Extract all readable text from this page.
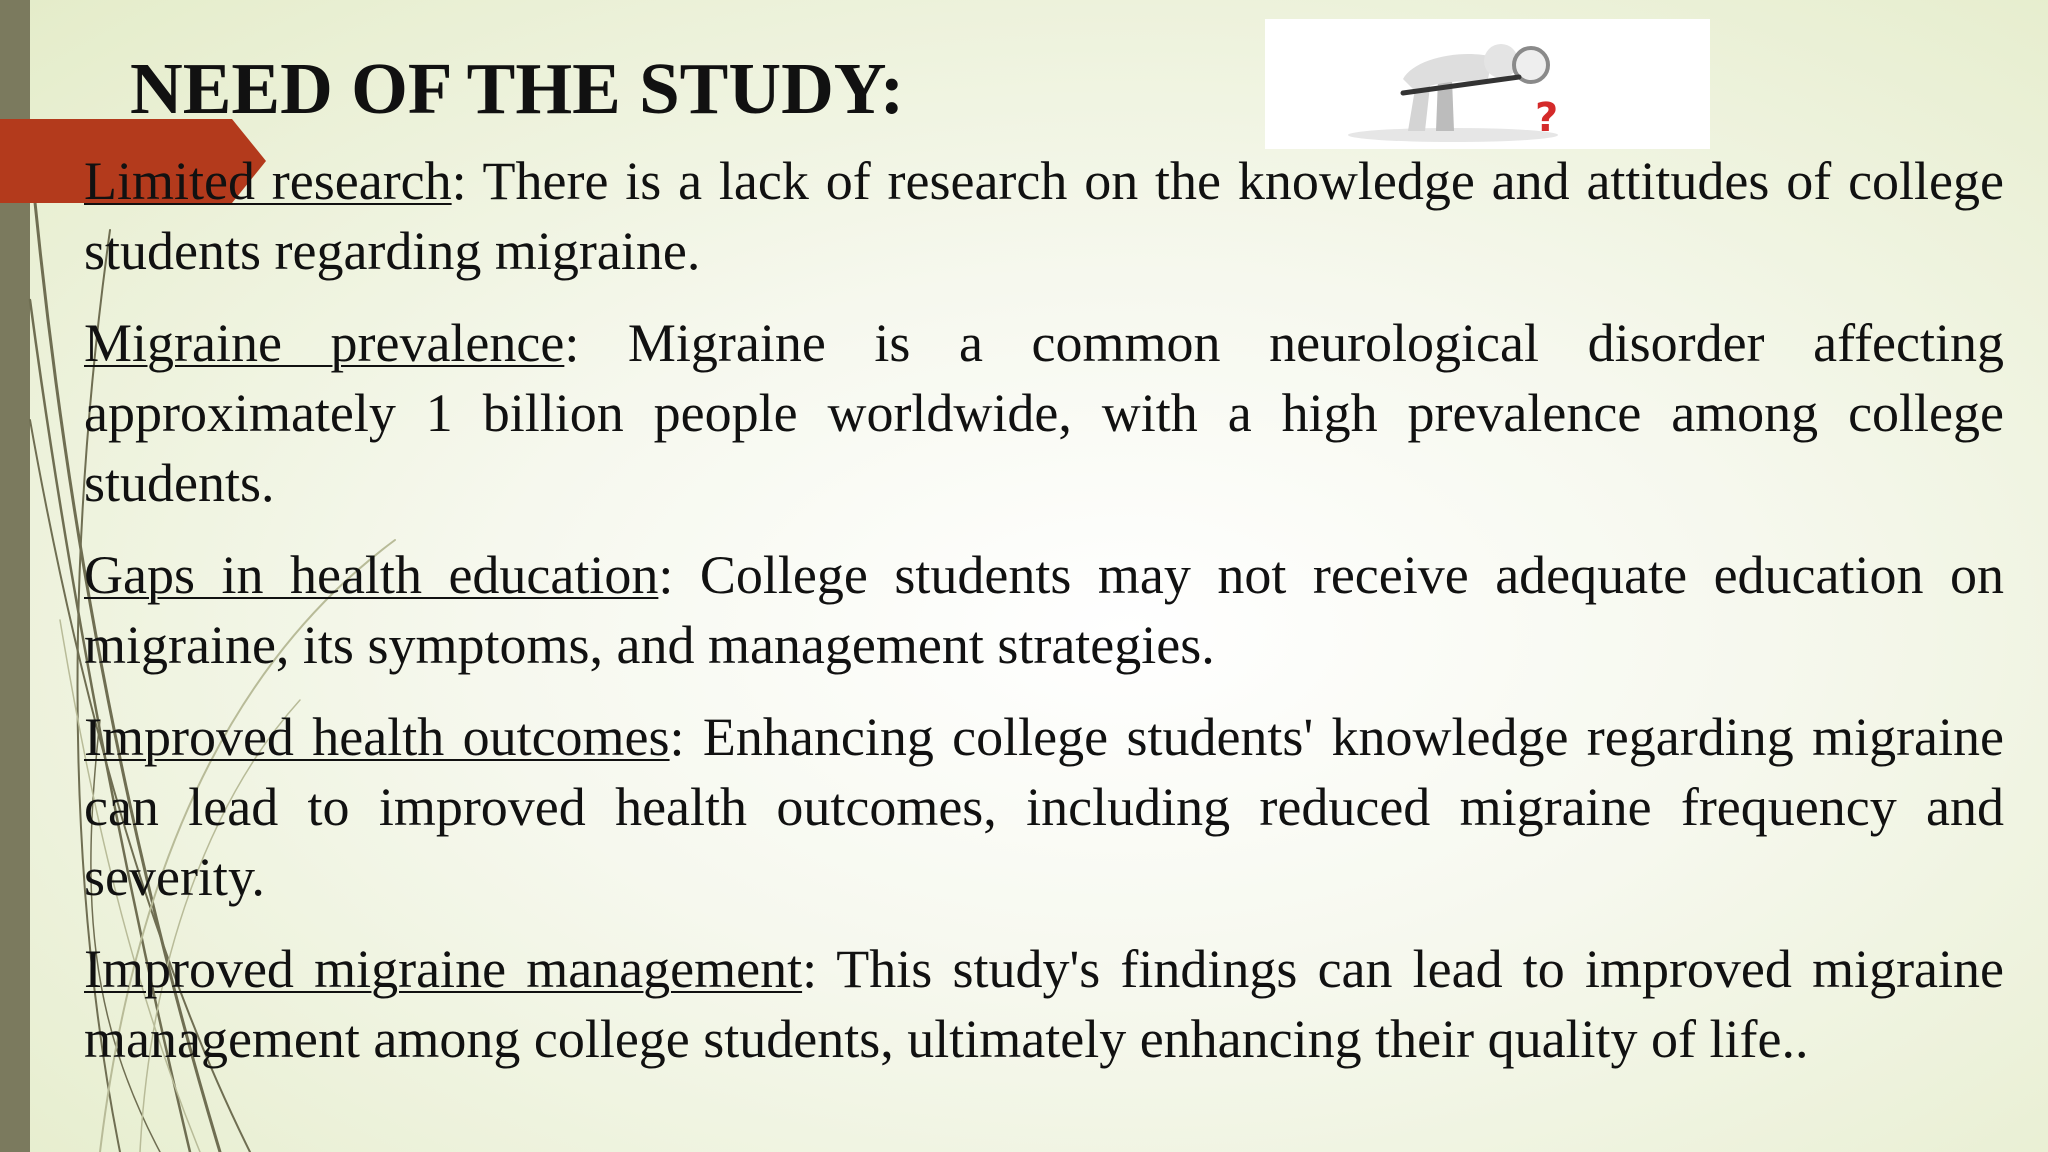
NEED OF THE STUDY:	?

Limited research: There is a lack of research on the knowledge and attitudes of college students regarding migraine.

Migraine prevalence: Migraine is a common neurological disorder affecting approximately 1 billion people worldwide, with a high prevalence among college students.

Gaps in health education: College students may not receive adequate education on migraine, its symptoms, and management strategies.

Improved health outcomes: Enhancing college students' knowledge regarding migraine can lead to improved health outcomes, including reduced migraine frequency and severity.

Improved migraine management: This study's findings can lead to improved migraine management among college students, ultimately enhancing their quality of life..
